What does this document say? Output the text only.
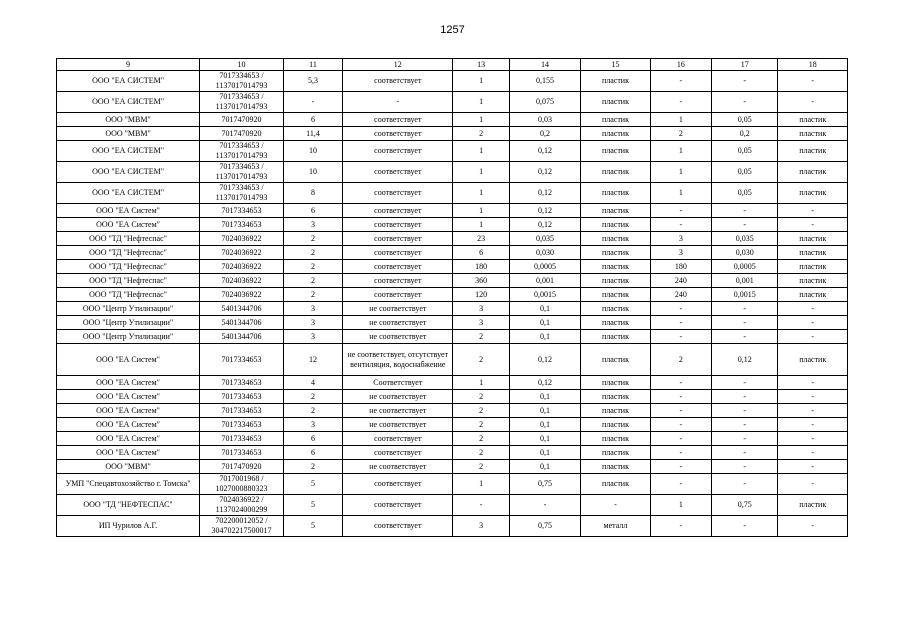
1257
9	10	11	12	13	14	15	16	17	18
ООО "ЕА СИСТЕМ"	7017334653 / 1137017014793	5,3	соответствует	1	0,155	пластик	-	-	-
ООО "ЕА СИСТЕМ"	7017334653 / 1137017014793	-	-	1	0,075	пластик	-	-	-
ООО "МВМ"	7017470920	6	соответствует	1	0,03	пластик	1	0,05	пластик
ООО "МВМ"	7017470920	11,4	соответствует	2	0,2	пластик	2	0,2	пластик
ООО "ЕА СИСТЕМ"	7017334653 / 1137017014793	10	соответствует	1	0,12	пластик	1	0,05	пластик
ООО "ЕА СИСТЕМ"	7017334653 / 1137017014793	10	соответствует	1	0,12	пластик	1	0,05	пластик
ООО "ЕА СИСТЕМ"	7017334653 / 1137017014793	8	соответствует	1	0,12	пластик	1	0,05	пластик
ООО "ЕА Систем"	7017334653	6	соответствует	1	0,12	пластик	-	-	-
ООО "ЕА Систем"	7017334653	3	соответствует	1	0,12	пластик	-	-	-
ООО "ТД "Нефтеспас"	7024036922	2	соответствует	23	0,035	пластик	3	0,035	пластик
ООО "ТД "Нефтеспас"	7024036922	2	соответствует	6	0,030	пластик	3	0,030	пластик
ООО "ТД "Нефтеспас"	7024036922	2	соответствует	180	0,0005	пластик	180	0,0005	пластик
ООО "ТД "Нефтеспас"	7024036922	2	соответствует	360	0,001	пластик	240	0,001	пластик
ООО "ТД "Нефтеспас"	7024036922	2	соответствует	120	0,0015	пластик	240	0,0015	пластик
ООО "Центр Утилизации"	5401344706	3	не соответствует	3	0,1	пластик	-	-	-
ООО "Центр Утилизации"	5401344706	3	не соответствует	3	0,1	пластик	-	-	-
ООО "Центр Утилизации"	5401344706	3	не соответствует	2	0,1	пластик	-	-	-
ООО "ЕА Систем"	7017334653	12	не соответствует, отсутствует вентиляция, водоснабжение	2	0,12	пластик	2	0,12	пластик
ООО "ЕА Систем"	7017334653	4	Соответствует	1	0,12	пластик	-	-	-
ООО "ЕА Систем"	7017334653	2	не соответствует	2	0,1	пластик	-	-	-
ООО "ЕА Систем"	7017334653	2	не соответствует	2	0,1	пластик	-	-	-
ООО "ЕА Систем"	7017334653	3	не соответствует	2	0,1	пластик	-	-	-
ООО "ЕА Систем"	7017334653	6	соответствует	2	0,1	пластик	-	-	-
ООО "ЕА Систем"	7017334653	6	соответствует	2	0,1	пластик	-	-	-
ООО "МВМ"	7017470920	2	не соответствует	2	0,1	пластик	-	-	-
УМП "Спецавтохозяйство г. Томска"	7017001968 / 1027000880323	5	соответствует	1	0,75	пластик	-	-	-
ООО "ТД "НЕФТЕСПАС"	7024036922 / 1137024000299	5	соответствует	-	-	-	1	0,75	пластик
ИП Чурилов А.Г.	702200012052 / 304702217500017	5	соответствует	3	0,75	металл	-	-	-
